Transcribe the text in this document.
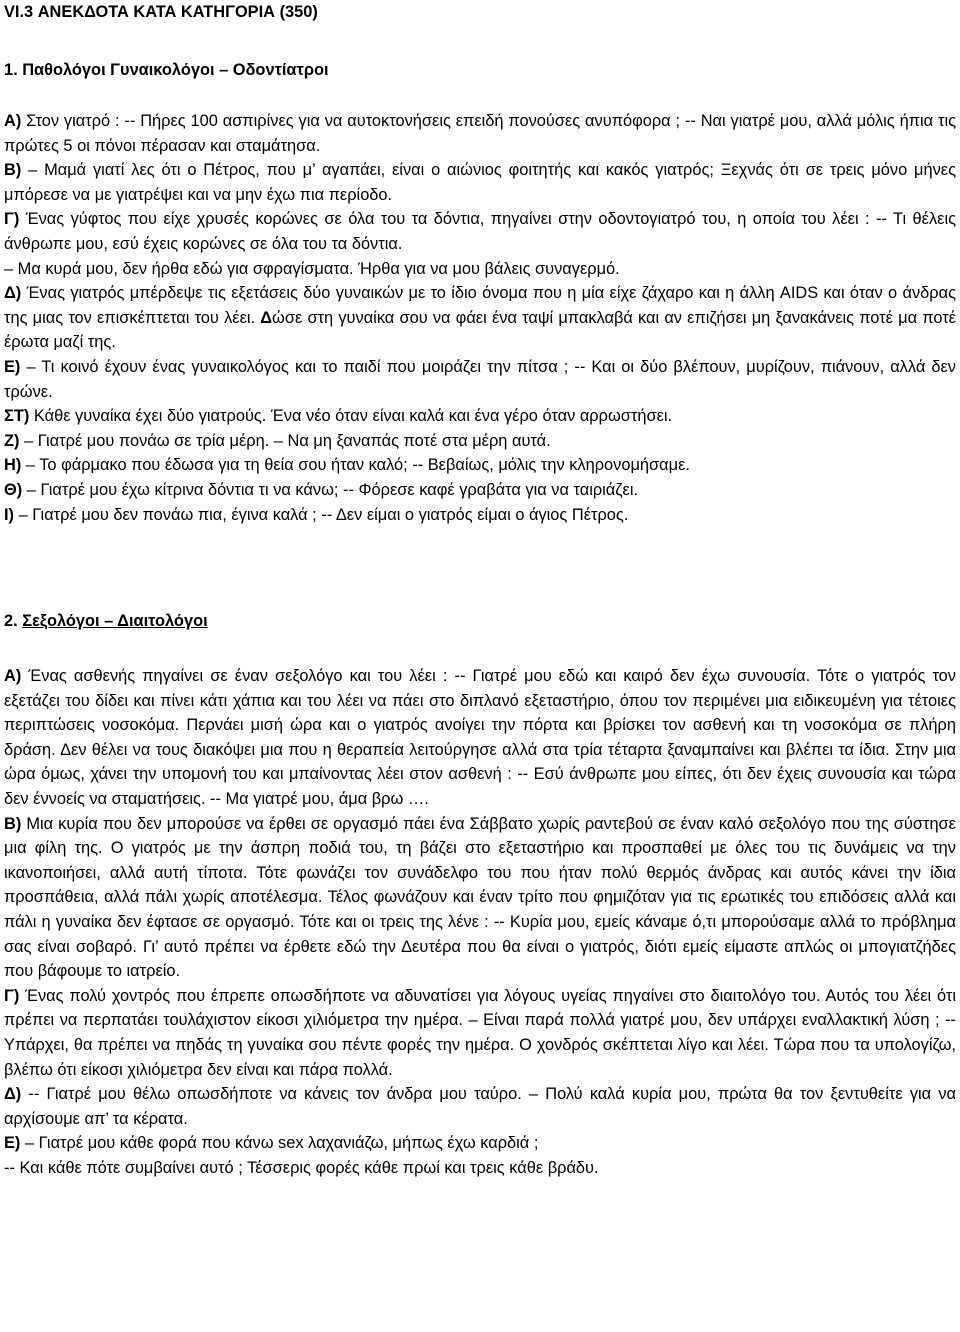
VI.3 ΑΝΕΚΔΟΤΑ ΚΑΤΑ ΚΑΤΗΓΟΡΙΑ (350)
1. Παθολόγοι Γυναικολόγοι – Οδοντίατροι

Α) Στον γιατρό : -- Πήρες 100 ασπιρίνες για να αυτοκτονήσεις επειδή πονούσες ανυπόφορα ; -- Ναι γιατρέ μου, αλλά μόλις ήπια τις πρώτες 5 οι πόνοι πέρασαν και σταμάτησα.

Β) – Μαμά γιατί λες ότι ο Πέτρος, που μ’ αγαπάει, είναι ο αιώνιος φοιτητής και κακός γιατρός; Ξεχνάς ότι σε τρεις μόνο μήνες μπόρεσε να με γιατρέψει και να μην έχω πια περίοδο.

Γ) Ένας γύφτος που είχε χρυσές κορώνες σε όλα του τα δόντια, πηγαίνει στην οδοντογιατρό του, η οποία του λέει : -- Τι θέλεις άνθρωπε μου, εσύ έχεις κορώνες σε όλα του τα δόντια.

– Μα κυρά μου, δεν ήρθα εδώ για σφραγίσματα. Ήρθα για να μου βάλεις συναγερμό.

Δ) Ένας γιατρός μπέρδεψε τις εξετάσεις δύο γυναικών με το ίδιο όνομα που η μία είχε ζάχαρο και η άλλη AIDS και όταν ο άνδρας της μιας τον επισκέπτεται του λέει. Δώσε στη γυναίκα σου να φάει ένα ταψί μπακλαβά και αν επιζήσει μη ξανακάνεις ποτέ μα ποτέ έρωτα μαζί της.

Ε) – Τι κοινό έχουν ένας γυναικολόγος και το παιδί που μοιράζει την πίτσα ; -- Και οι δύο βλέπουν, μυρίζουν, πιάνουν, αλλά δεν τρώνε.

ΣΤ) Κάθε γυναίκα έχει δύο γιατρούς. Ένα νέο όταν είναι καλά και ένα γέρο όταν αρρωστήσει.

Ζ) – Γιατρέ μου πονάω σε τρία μέρη. – Να μη ξαναπάς ποτέ στα μέρη αυτά.

Η) – Το φάρμακο που έδωσα για τη θεία σου ήταν καλό; -- Βεβαίως, μόλις την κληρονομήσαμε.

Θ) – Γιατρέ μου έχω κίτρινα δόντια τι να κάνω; -- Φόρεσε καφέ γραβάτα για να ταιριάζει.

Ι) – Γιατρέ μου δεν πονάω πια, έγινα καλά ; -- Δεν είμαι ο γιατρός είμαι ο άγιος Πέτρος.

2. Σεξολόγοι – Διαιτολόγοι

Α) Ένας ασθενής πηγαίνει σε έναν σεξολόγο και του λέει : -- Γιατρέ μου εδώ και καιρό δεν έχω συνουσία. Τότε ο γιατρός τον εξετάζει του δίδει και πίνει κάτι χάπια και του λέει να πάει στο διπλανό εξεταστήριο, όπου τον περιμένει μια ειδικευμένη για τέτοιες περιπτώσεις νοσοκόμα. Περνάει μισή ώρα και ο γιατρός ανοίγει την πόρτα και βρίσκει τον ασθενή και τη νοσοκόμα σε πλήρη δράση. Δεν θέλει να τους διακόψει μια που η θεραπεία λειτούργησε αλλά στα τρία τέταρτα ξαναμπαίνει και βλέπει τα ίδια. Στην μια ώρα όμως, χάνει την υπομονή του και μπαίνοντας λέει στον ασθενή : -- Εσύ άνθρωπε μου είπες, ότι δεν έχεις συνουσία και τώρα δεν έννοείς να σταματήσεις. -- Μα γιατρέ μου, άμα βρω ….

Β) Μια κυρία που δεν μπορούσε να έρθει σε οργασμό πάει ένα Σάββατο χωρίς ραντεβού σε έναν καλό σεξολόγο που της σύστησε μια φίλη της. Ο γιατρός με την άσπρη ποδιά του, τη βάζει στο εξεταστήριο και προσπαθεί με όλες του τις δυνάμεις να την ικανοποιήσει, αλλά αυτή τίποτα. Τότε φωνάζει τον συνάδελφο του που ήταν πολύ θερμός άνδρας και αυτός κάνει την ίδια προσπάθεια, αλλά πάλι χωρίς αποτέλεσμα. Τέλος φωνάζουν και έναν τρίτο που φημιζόταν για τις ερωτικές του επιδόσεις αλλά και πάλι η γυναίκα δεν έφτασε σε οργασμό. Τότε και οι τρεις της λένε : -- Κυρία μου, εμείς κάναμε ό,τι μπορούσαμε αλλά το πρόβλημα σας είναι σοβαρό. Γι’ αυτό πρέπει να έρθετε εδώ την Δευτέρα που θα είναι ο γιατρός, διότι εμείς είμαστε απλώς οι μπογιατζήδες που βάφουμε το ιατρείο.

Γ) Ένας πολύ χοντρός που έπρεπε οπωσδήποτε να αδυνατίσει για λόγους υγείας πηγαίνει στο διαιτολόγο του. Αυτός του λέει ότι πρέπει να περπατάει τουλάχιστον είκοσι χιλιόμετρα την ημέρα. – Είναι παρά πολλά γιατρέ μου, δεν υπάρχει εναλλακτική λύση ; -- Υπάρχει, θα πρέπει να πηδάς τη γυναίκα σου πέντε φορές την ημέρα. Ο χονδρός σκέπτεται λίγο και λέει. Τώρα που τα υπολογίζω, βλέπω ότι είκοσι χιλιόμετρα δεν είναι και πάρα πολλά.

Δ) -- Γιατρέ μου θέλω οπωσδήποτε να κάνεις τον άνδρα μου ταύρο. – Πολύ καλά κυρία μου, πρώτα θα τον ξεντυθείτε για να αρχίσουμε απ’ τα κέρατα.

Ε) – Γιατρέ μου κάθε φορά που κάνω sex λαχανιάζω, μήπως έχω καρδιά ;

-- Και κάθε πότε συμβαίνει αυτό ; Τέσσερις φορές κάθε πρωί και τρεις κάθε βράδυ.
